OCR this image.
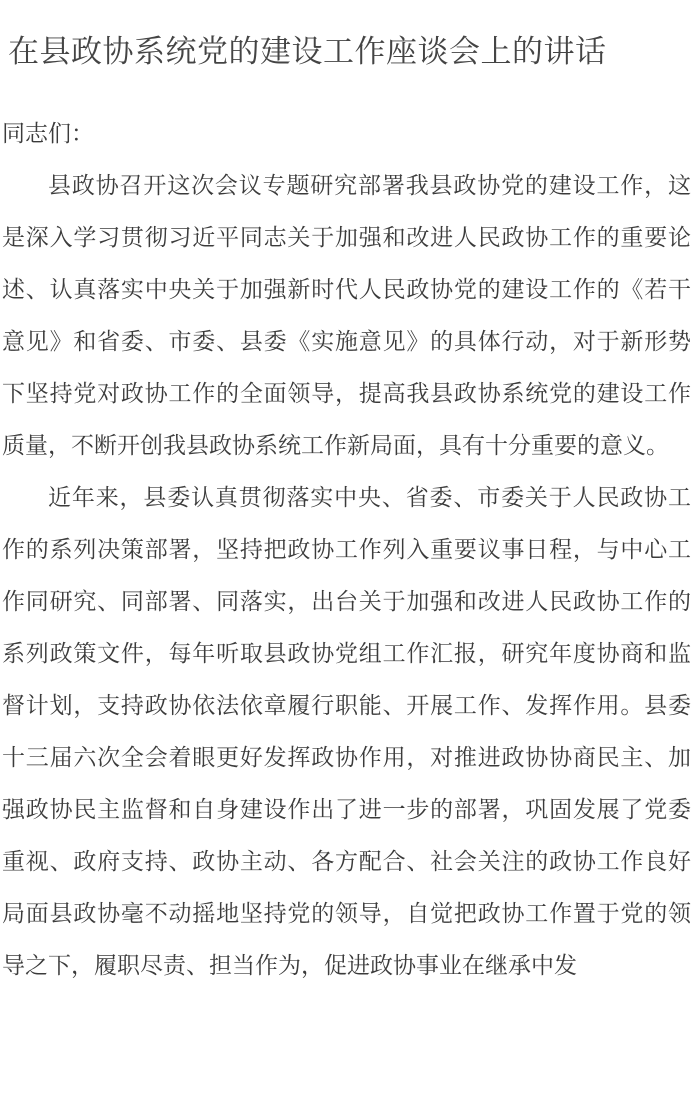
在县政协系统党的建设工作座谈会上的讲话
同志们：

县政协召开这次会议专题研究部署我县政协党的建设工作，这是深入学习贯彻习近平同志关于加强和改进人民政协工作的重要论述、认真落实中央关于加强新时代人民政协党的建设工作的《若干意见》和省委、市委、县委《实施意见》的具体行动，对于新形势下坚持党对政协工作的全面领导，提高我县政协系统党的建设工作质量，不断开创我县政协系统工作新局面，具有十分重要的意义。

近年来，县委认真贯彻落实中央、省委、市委关于人民政协工作的系列决策部署，坚持把政协工作列入重要议事日程，与中心工作同研究、同部署、同落实，出台关于加强和改进人民政协工作的系列政策文件，每年听取县政协党组工作汇报，研究年度协商和监督计划，支持政协依法依章履行职能、开展工作、发挥作用。县委十三届六次全会着眼更好发挥政协作用，对推进政协协商民主、加强政协民主监督和自身建设作出了进一步的部署，巩固发展了党委重视、政府支持、政协主动、各方配合、社会关注的政协工作良好局面县政协毫不动摇地坚持党的领导，自觉把政协工作置于党的领导之下，履职尽责、担当作为，促进政协事业在继承中发
